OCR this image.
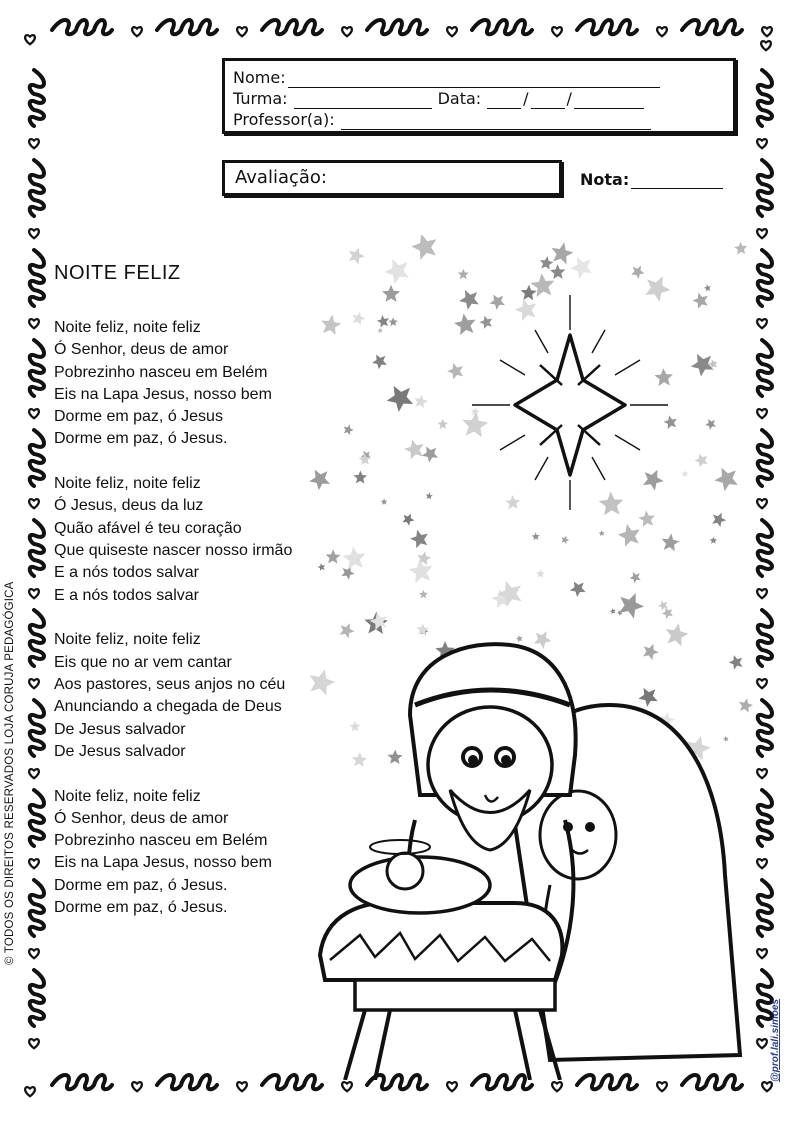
Nome:
Turma:	Data:	/ /
Professor(a):
Avaliação:	Nota:
NOITE FELIZ
Noite feliz, noite feliz
Ó Senhor, deus de amor
Pobrezinho nasceu em Belém
Eis na Lapa Jesus, nosso bem
Dorme em paz, ó Jesus
Dorme em paz, ó Jesus.
Noite feliz, noite feliz
Ó Jesus, deus da luz
Quão afável é teu coração
Que quiseste nascer nosso irmão
E a nós todos salvar
E a nós todos salvar
Noite feliz, noite feliz
Eis que no ar vem cantar
Aos pastores, seus anjos no céu
Anunciando a chegada de Deus
De Jesus salvador
De Jesus salvador
Noite feliz, noite feliz
Ó Senhor, deus de amor
Pobrezinho nasceu em Belém
Eis na Lapa Jesus, nosso bem
Dorme em paz, ó Jesus.
Dorme em paz, ó Jesus.
© TODOS OS DIREITOS RESERVADOS LOJA CORUJA PEDAGÓGICA
@prof.lali.simoes
